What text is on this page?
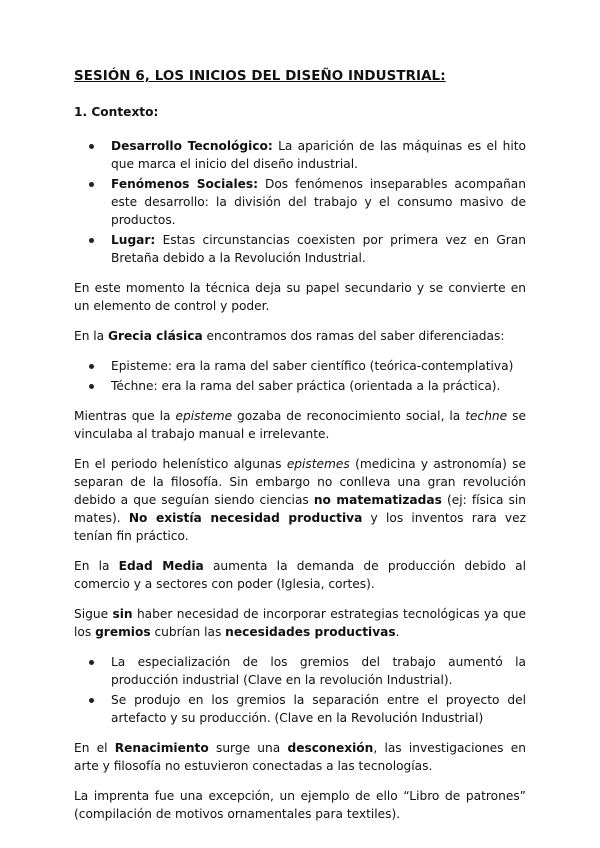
SESIÓN 6, LOS INICIOS DEL DISEÑO INDUSTRIAL:
1. Contexto:
Desarrollo Tecnológico: La aparición de las máquinas es el hito que marca el inicio del diseño industrial.
Fenómenos Sociales: Dos fenómenos inseparables acompañan este desarrollo: la división del trabajo y el consumo masivo de productos.
Lugar: Estas circunstancias coexisten por primera vez en Gran Bretaña debido a la Revolución Industrial.

En este momento la técnica deja su papel secundario y se convierte en un elemento de control y poder.

En la Grecia clásica encontramos dos ramas del saber diferenciadas:

Episteme: era la rama del saber científico (teórica-contemplativa)
Téchne: era la rama del saber práctica (orientada a la práctica).

Mientras que la episteme gozaba de reconocimiento social, la techne se vinculaba al trabajo manual e irrelevante.

En el periodo helenístico algunas epistemes (medicina y astronomía) se separan de la filosofía. Sin embargo no conlleva una gran revolución debido a que seguían siendo ciencias no matematizadas (ej: física sin mates). No existía necesidad productiva y los inventos rara vez tenían fin práctico.

En la Edad Media aumenta la demanda de producción debido al comercio y a sectores con poder (Iglesia, cortes).

Sigue sin haber necesidad de incorporar estrategias tecnológicas ya que los gremios cubrían las necesidades productivas.

La especialización de los gremios del trabajo aumentó la producción industrial (Clave en la revolución Industrial).
Se produjo en los gremios la separación entre el proyecto del artefacto y su producción. (Clave en la Revolución Industrial)

En el Renacimiento surge una desconexión, las investigaciones en arte y filosofía no estuvieron conectadas a las tecnologías.

La imprenta fue una excepción, un ejemplo de ello “Libro de patrones” (compilación de motivos ornamentales para textiles).
